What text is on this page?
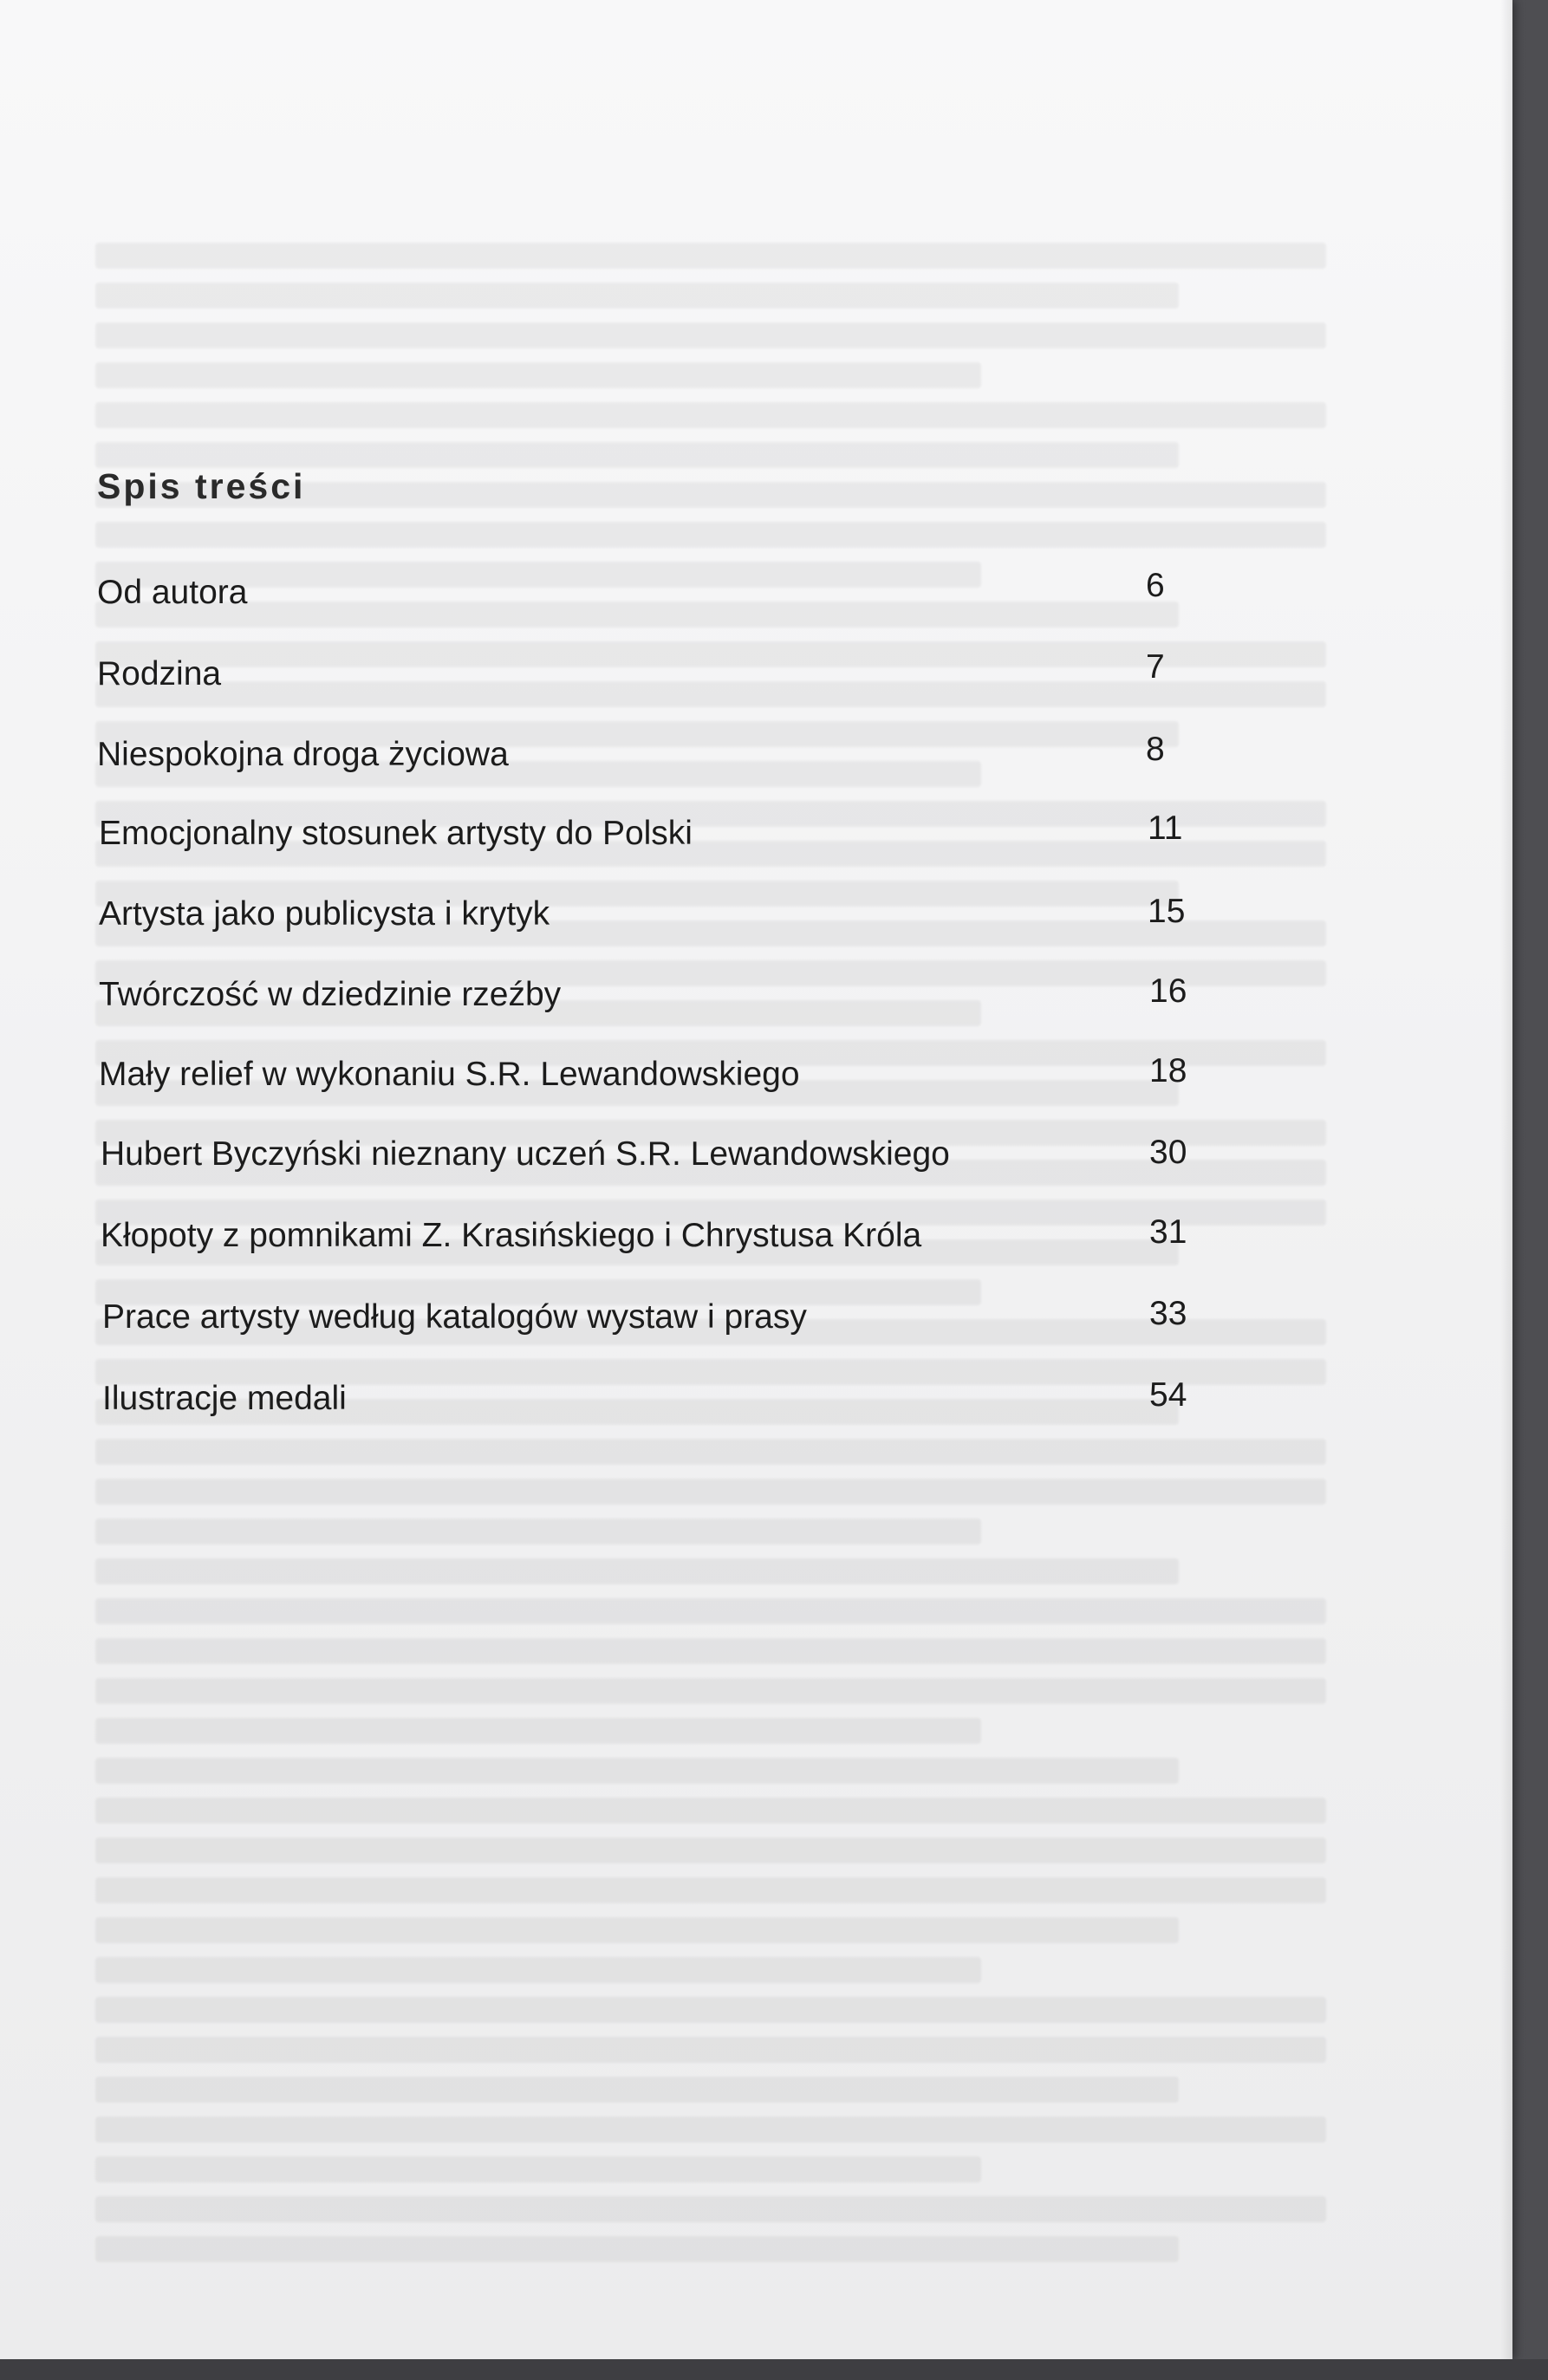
Spis treści
Od autora	6
Rodzina	7
Niespokojna droga życiowa	8
Emocjonalny stosunek artysty do Polski	11
Artysta jako publicysta i krytyk	15
Twórczość w dziedzinie rzeźby	16
Mały relief w wykonaniu S.R. Lewandowskiego	18
Hubert Byczyński nieznany uczeń S.R. Lewandowskiego	30
Kłopoty z pomnikami Z. Krasińskiego i Chrystusa Króla	31
Prace artysty według katalogów wystaw i prasy	33
Ilustracje medali	54
